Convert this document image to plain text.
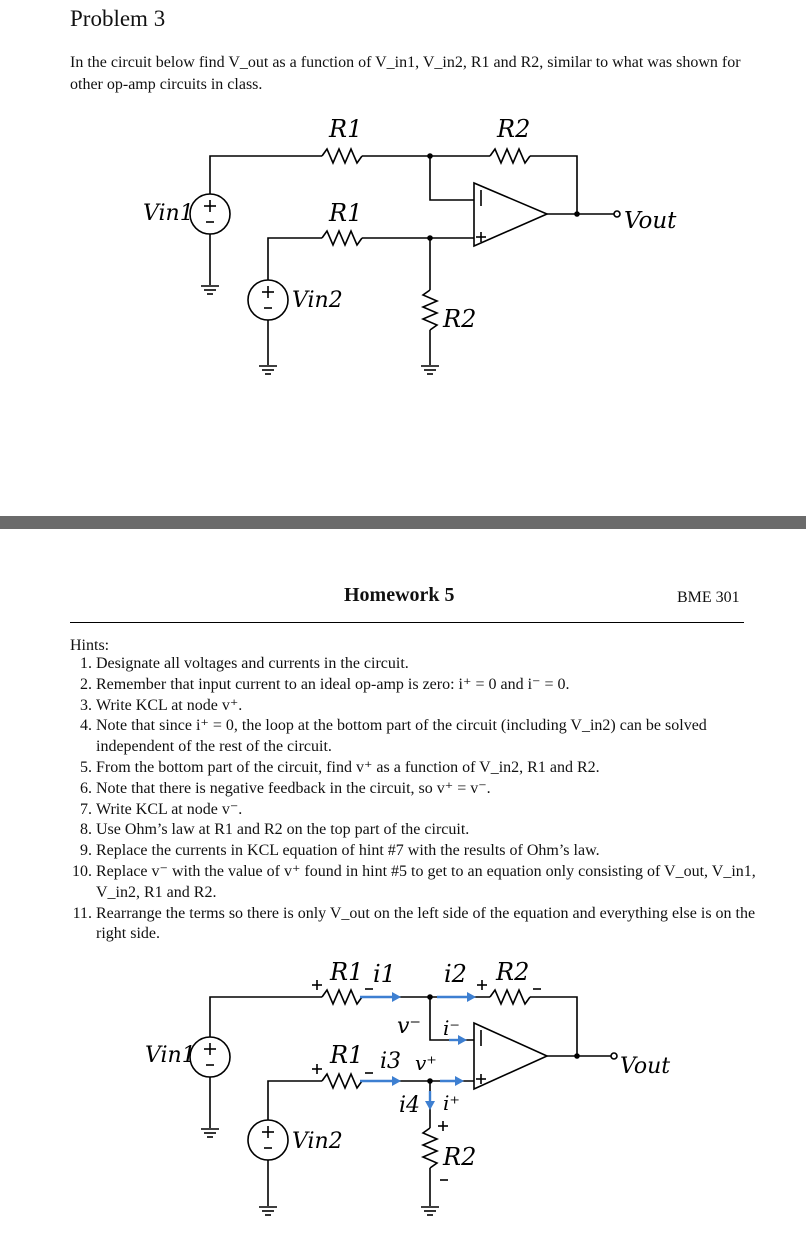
Problem 3
In the circuit below find V_out as a function of V_in1, V_in2, R1 and R2, similar to what was shown for other op-amp circuits in class.
R1	R2
R1
R2
Vin1
Vin2
Vout
Homework 5	BME 301
Hints:
1. Designate all voltages and currents in the circuit.
2. Remember that input current to an ideal op-amp is zero: i⁺ = 0 and i⁻ = 0.
3. Write KCL at node v⁺.
4. Note that since i⁺ = 0, the loop at the bottom part of the circuit (including V_in2) can be solved independent of the rest of the circuit.
5. From the bottom part of the circuit, find v⁺ as a function of V_in2, R1 and R2.
6. Note that there is negative feedback in the circuit, so v⁺ = v⁻.
7. Write KCL at node v⁻.
8. Use Ohm’s law at R1 and R2 on the top part of the circuit.
9. Replace the currents in KCL equation of hint #7 with the results of Ohm’s law.
10. Replace v⁻ with the value of v⁺ found in hint #5 to get to an equation only consisting of V_out, V_in1, V_in2, R1 and R2.
11. Rearrange the terms so there is only V_out on the left side of the equation and everything else is on the right side.
R1 i1 i2 R2
v⁻ i⁻
R1 i3 v⁺
i4 i⁺
R2
Vin1
Vin2
Vout
